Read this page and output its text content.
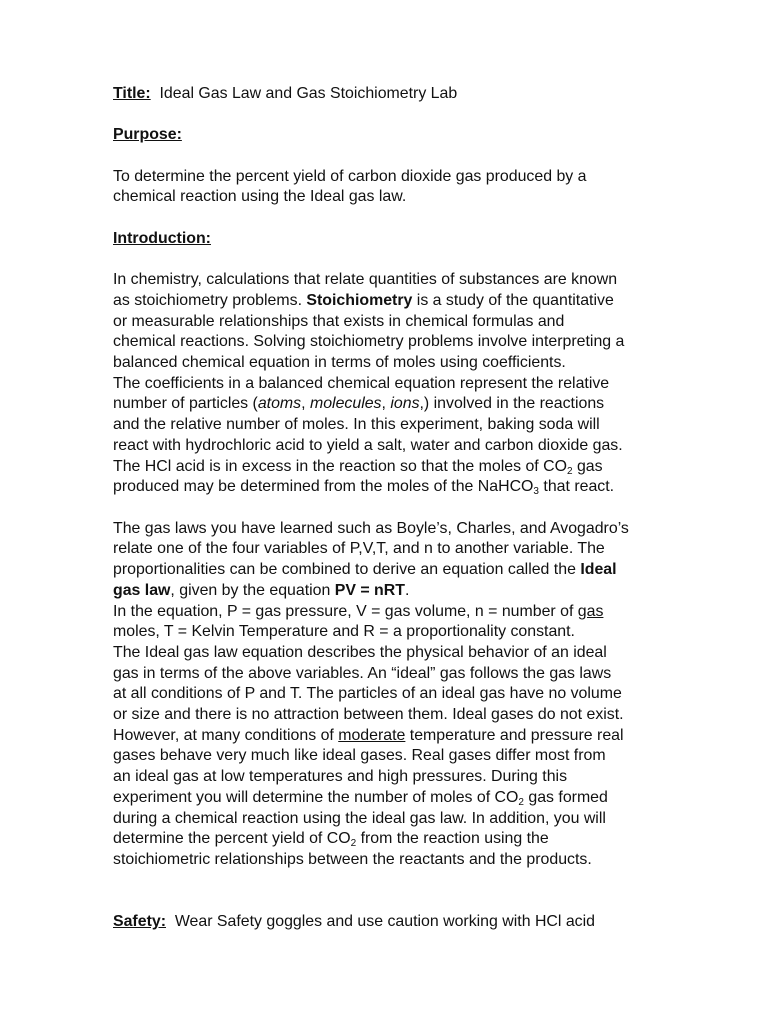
Title: Ideal Gas Law and Gas Stoichiometry Lab

Purpose:

To determine the percent yield of carbon dioxide gas produced by a

chemical reaction using the Ideal gas law.

Introduction:

In chemistry, calculations that relate quantities of substances are known

as stoichiometry problems. Stoichiometry is a study of the quantitative

or measurable relationships that exists in chemical formulas and

chemical reactions. Solving stoichiometry problems involve interpreting a

balanced chemical equation in terms of moles using coefficients.

The coefficients in a balanced chemical equation represent the relative

number of particles (atoms, molecules, ions,) involved in the reactions

and the relative number of moles. In this experiment, baking soda will

react with hydrochloric acid to yield a salt, water and carbon dioxide gas.

The HCl acid is in excess in the reaction so that the moles of $CO_2$ gas

produced may be determined from the moles of the NaHCO$_3$ that react.

The gas laws you have learned such as Boyle’s, Charles, and Avogadro’s

relate one of the four variables of P,V,T, and n to another variable. The

proportionalities can be combined to derive an equation called the Ideal

gas law, given by the equation PV = nRT.

In the equation, P = gas pressure, V = gas volume, n = number of gas

moles, T = Kelvin Temperature and R = a proportionality constant.

The Ideal gas law equation describes the physical behavior of an ideal

gas in terms of the above variables. An “ideal” gas follows the gas laws

at all conditions of P and T. The particles of an ideal gas have no volume

or size and there is no attraction between them. Ideal gases do not exist.

However, at many conditions of moderate temperature and pressure real

gases behave very much like ideal gases. Real gases differ most from

an ideal gas at low temperatures and high pressures. During this

experiment you will determine the number of moles of $CO_2$ gas formed

during a chemical reaction using the ideal gas law. In addition, you will

determine the percent yield of $CO_2$ from the reaction using the

stoichiometric relationships between the reactants and the products.

Safety: Wear Safety goggles and use caution working with HCl acid
